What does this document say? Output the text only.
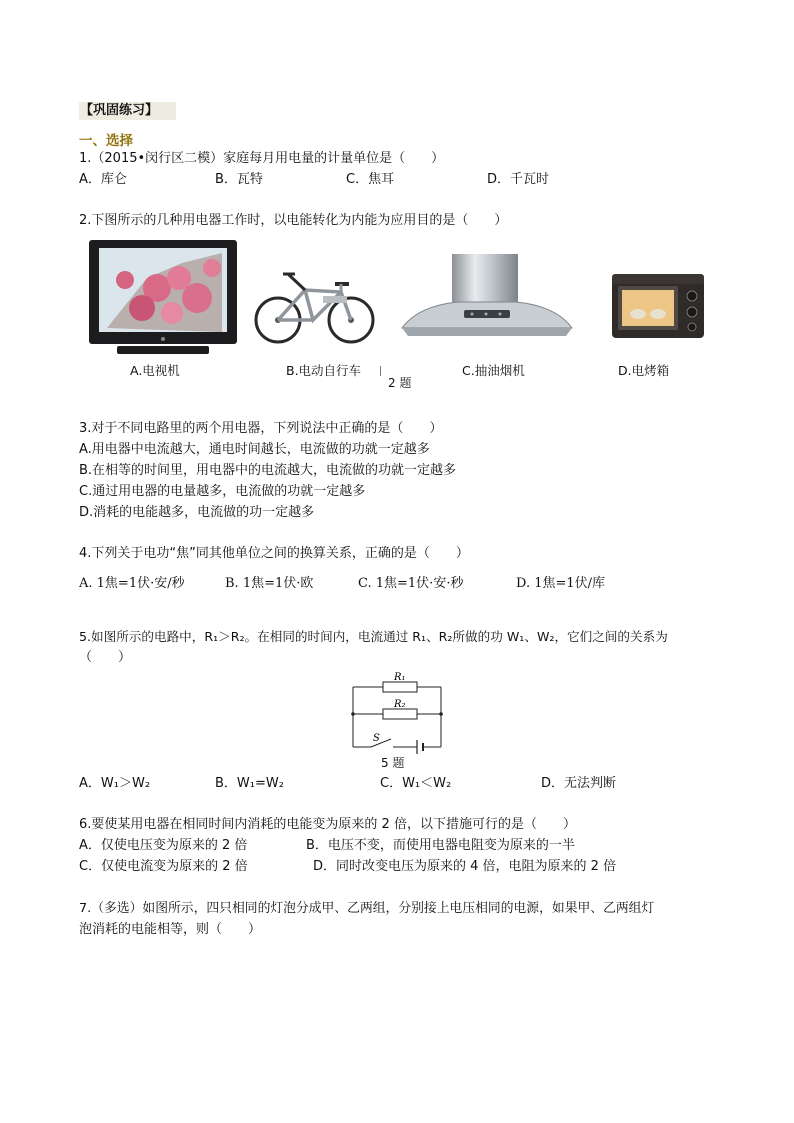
【巩固练习】
一、选择
1.（2015•闵行区二模）家庭每月用电量的计量单位是（　　）
A．库仑	B．瓦特	C．焦耳	D．千瓦时
2.下图所示的几种用电器工作时，以电能转化为内能为应用目的是（　　）
A.电视机	B.电动自行车	C.抽油烟机	D.电烤箱
2 题
3.对于不同电路里的两个用电器，下列说法中正确的是（　　）
A.用电器中电流越大，通电时间越长，电流做的功就一定越多
B.在相等的时间里，用电器中的电流越大，电流做的功就一定越多
C.通过用电器的电量越多，电流做的功就一定越多
D.消耗的电能越多，电流做的功一定越多
4.下列关于电功“焦”同其他单位之间的换算关系，正确的是（　　）
A. 1焦=1伏·安/秒	B. 1焦=1伏·欧	C. 1焦=1伏·安·秒	D. 1焦=1伏/库
5.如图所示的电路中，R₁＞R₂。在相同的时间内，电流通过 R₁、R₂所做的功 W₁、W₂，它们之间的关系为
（　　）
R₁
R₂
S
5 题
A．W₁＞W₂	B．W₁=W₂	C．W₁＜W₂	D．无法判断
6.要使某用电器在相同时间内消耗的电能变为原来的 2 倍，以下措施可行的是（　　）
A．仅使电压变为原来的 2 倍	B．电压不变，而使用电器电阻变为原来的一半
C．仅使电流变为原来的 2 倍	D．同时改变电压为原来的 4 倍，电阻为原来的 2 倍
7.（多选）如图所示，四只相同的灯泡分成甲、乙两组，分别接上电压相同的电源，如果甲、乙两组灯
泡消耗的电能相等，则（　　）
